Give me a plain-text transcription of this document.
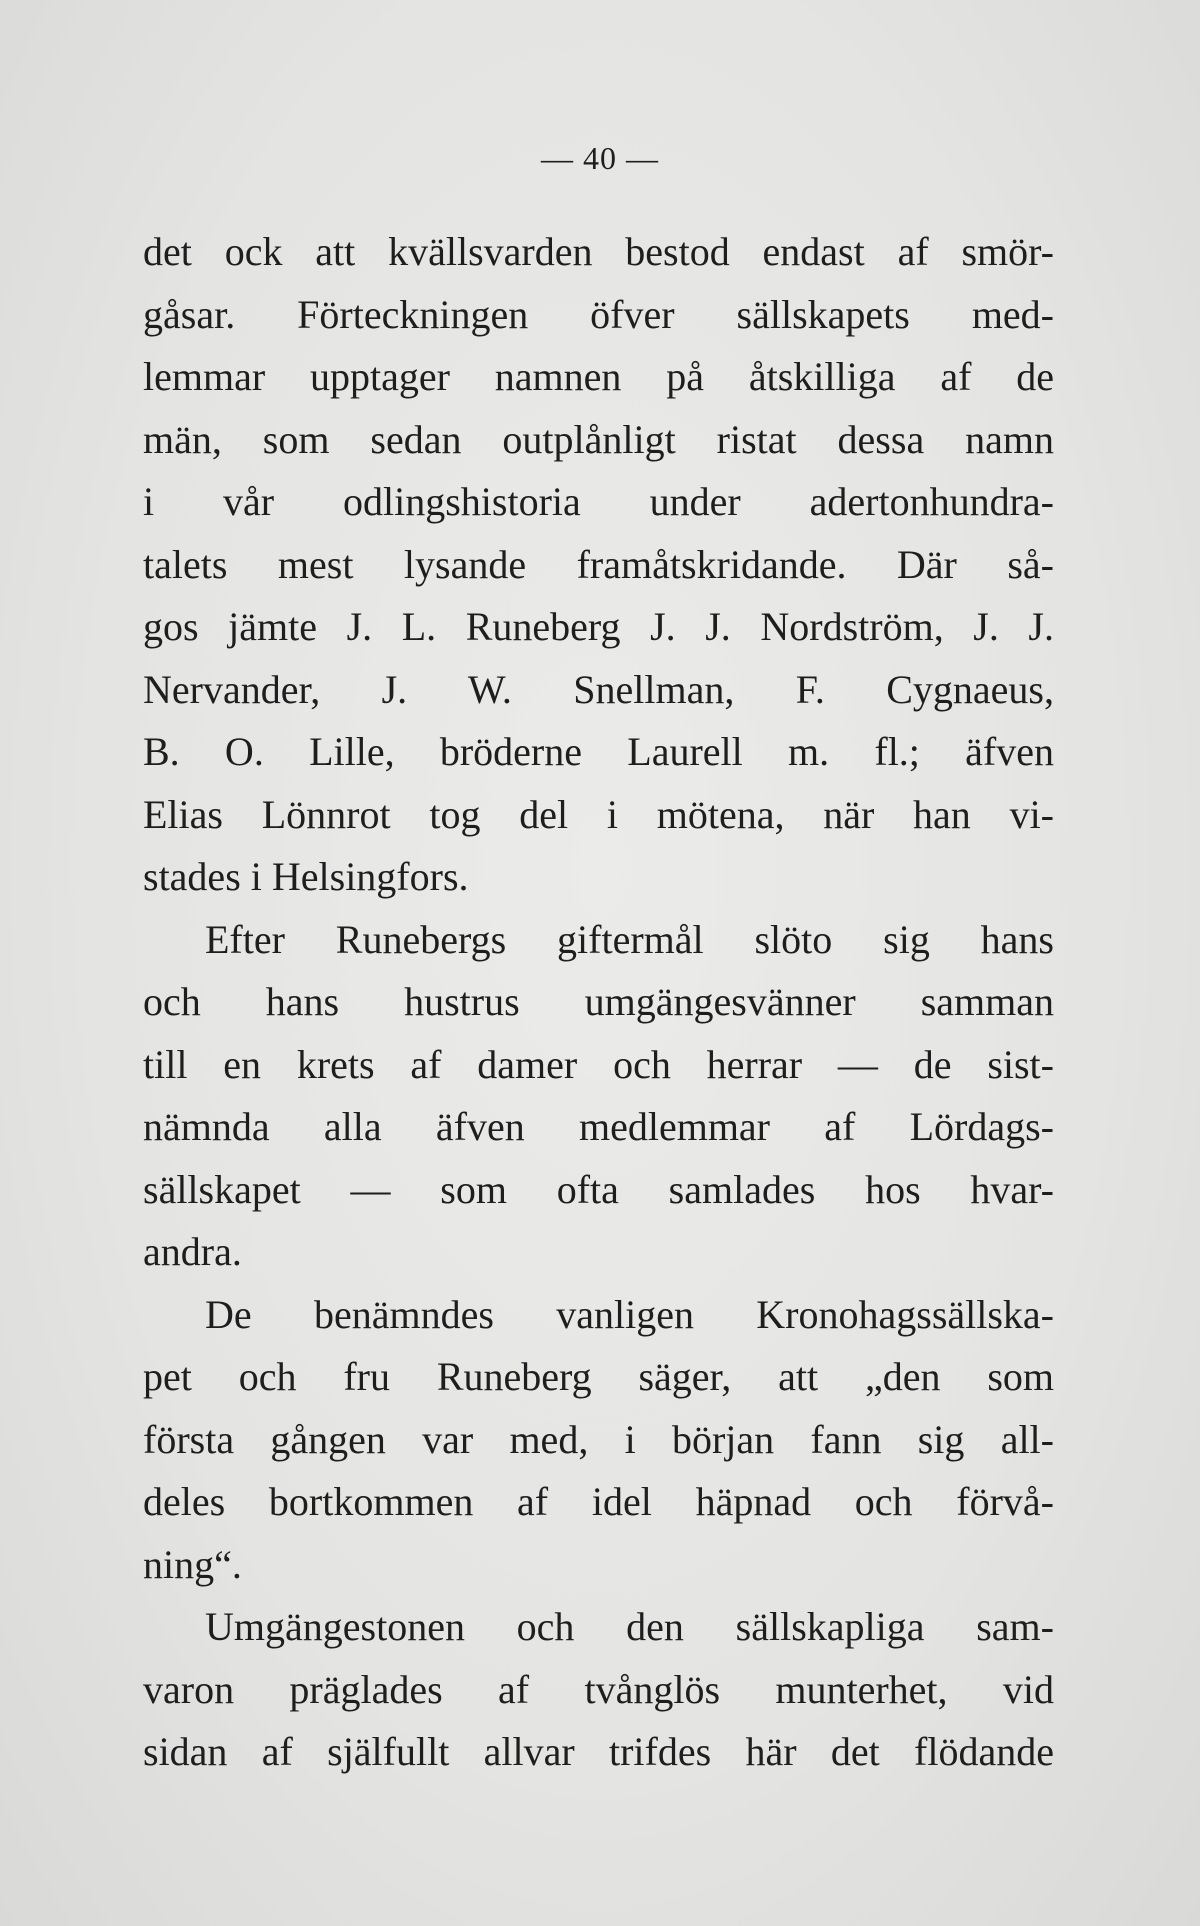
— 40 —
det ock att kvällsvarden bestod endast af smör-
gåsar. Förteckningen öfver sällskapets med-
lemmar upptager namnen på åtskilliga af de
män, som sedan outplånligt ristat dessa namn
i vår odlingshistoria under adertonhundra-
talets mest lysande framåtskridande. Där så-
gos jämte J. L. Runeberg J. J. Nordström, J. J.
Nervander, J. W. Snellman, F. Cygnaeus,
B. O. Lille, bröderne Laurell m. fl.; äfven
Elias Lönnrot tog del i mötena, när han vi-
stades i Helsingfors.
Efter Runebergs giftermål slöto sig hans
och hans hustrus umgängesvänner samman
till en krets af damer och herrar — de sist-
nämnda alla äfven medlemmar af Lördags-
sällskapet — som ofta samlades hos hvar-
andra.
De benämndes vanligen Kronohagssällska-
pet och fru Runeberg säger, att „den som
första gången var med, i början fann sig all-
deles bortkommen af idel häpnad och förvå-
ning“.
Umgängestonen och den sällskapliga sam-
varon präglades af tvånglös munterhet, vid
sidan af själfullt allvar trifdes här det flödande
